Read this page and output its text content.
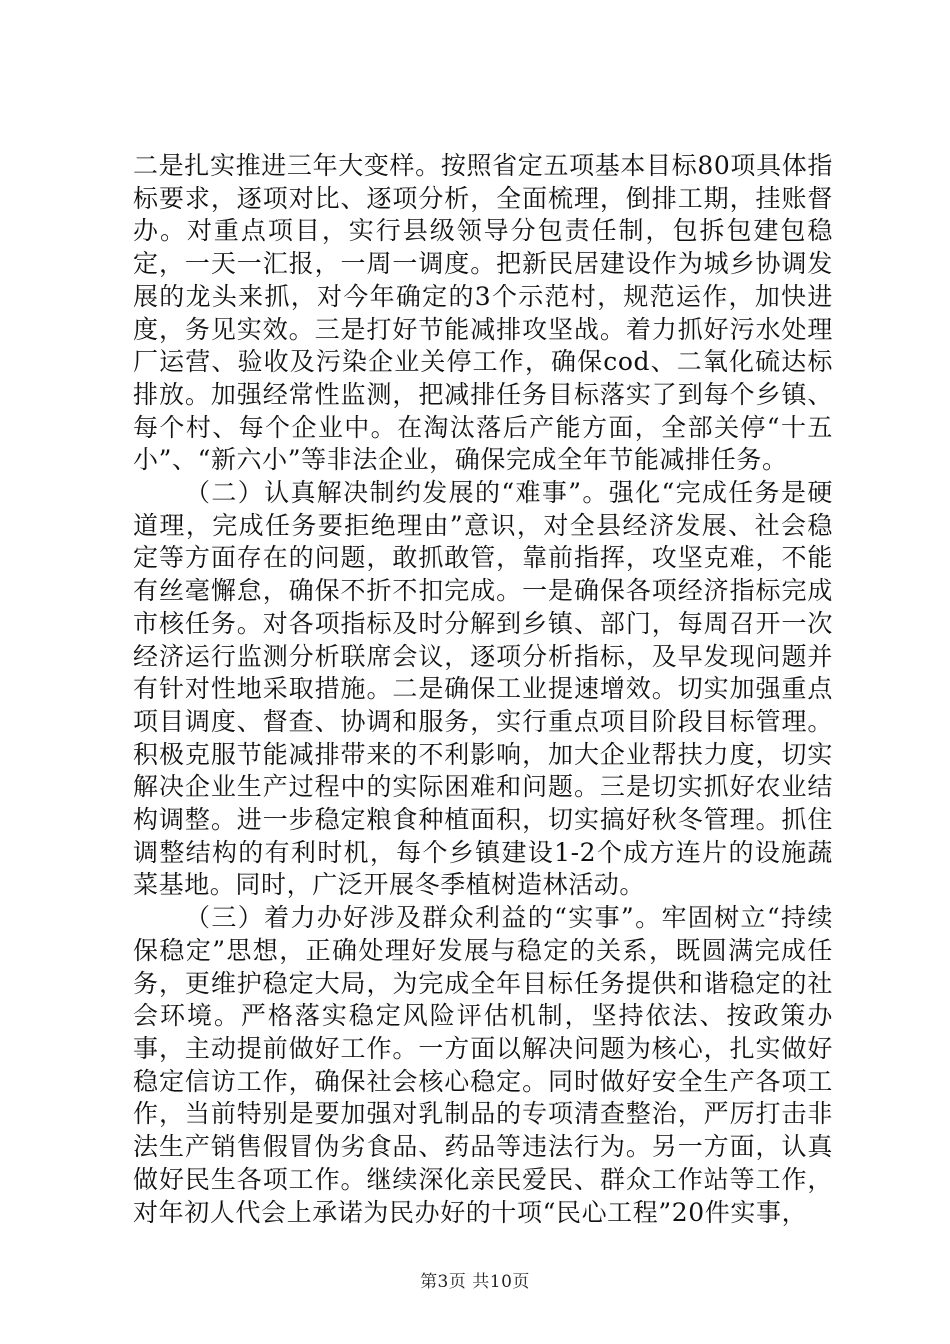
二是扎实推进三年大变样。按照省定五项基本目标80项具体指标要求，逐项对比、逐项分析，全面梳理，倒排工期，挂账督办。对重点项目，实行县级领导分包责任制，包拆包建包稳定，一天一汇报，一周一调度。把新民居建设作为城乡协调发展的龙头来抓，对今年确定的3个示范村，规范运作，加快进度，务见实效。三是打好节能减排攻坚战。着力抓好污水处理厂运营、验收及污染企业关停工作，确保cod、二氧化硫达标排放。加强经常性监测，把减排任务目标落实了到每个乡镇、每个村、每个企业中。在淘汰落后产能方面，全部关停“十五小”、“新六小”等非法企业，确保完成全年节能减排任务。

（二）认真解决制约发展的“难事”。强化“完成任务是硬道理，完成任务要拒绝理由”意识，对全县经济发展、社会稳定等方面存在的问题，敢抓敢管，靠前指挥，攻坚克难，不能有丝毫懈怠，确保不折不扣完成。一是确保各项经济指标完成市核任务。对各项指标及时分解到乡镇、部门，每周召开一次经济运行监测分析联席会议，逐项分析指标，及早发现问题并有针对性地采取措施。二是确保工业提速增效。切实加强重点项目调度、督查、协调和服务，实行重点项目阶段目标管理。积极克服节能减排带来的不利影响，加大企业帮扶力度，切实解决企业生产过程中的实际困难和问题。三是切实抓好农业结构调整。进一步稳定粮食种植面积，切实搞好秋冬管理。抓住调整结构的有利时机，每个乡镇建设1-2个成方连片的设施蔬菜基地。同时，广泛开展冬季植树造林活动。

（三）着力办好涉及群众利益的“实事”。牢固树立“持续保稳定”思想，正确处理好发展与稳定的关系，既圆满完成任务，更维护稳定大局，为完成全年目标任务提供和谐稳定的社会环境。严格落实稳定风险评估机制，坚持依法、按政策办事，主动提前做好工作。一方面以解决问题为核心，扎实做好稳定信访工作，确保社会核心稳定。同时做好安全生产各项工作，当前特别是要加强对乳制品的专项清查整治，严厉打击非法生产销售假冒伪劣食品、药品等违法行为。另一方面，认真做好民生各项工作。继续深化亲民爱民、群众工作站等工作，对年初人代会上承诺为民办好的十项“民心工程”20件实事，

第3页 共10页
